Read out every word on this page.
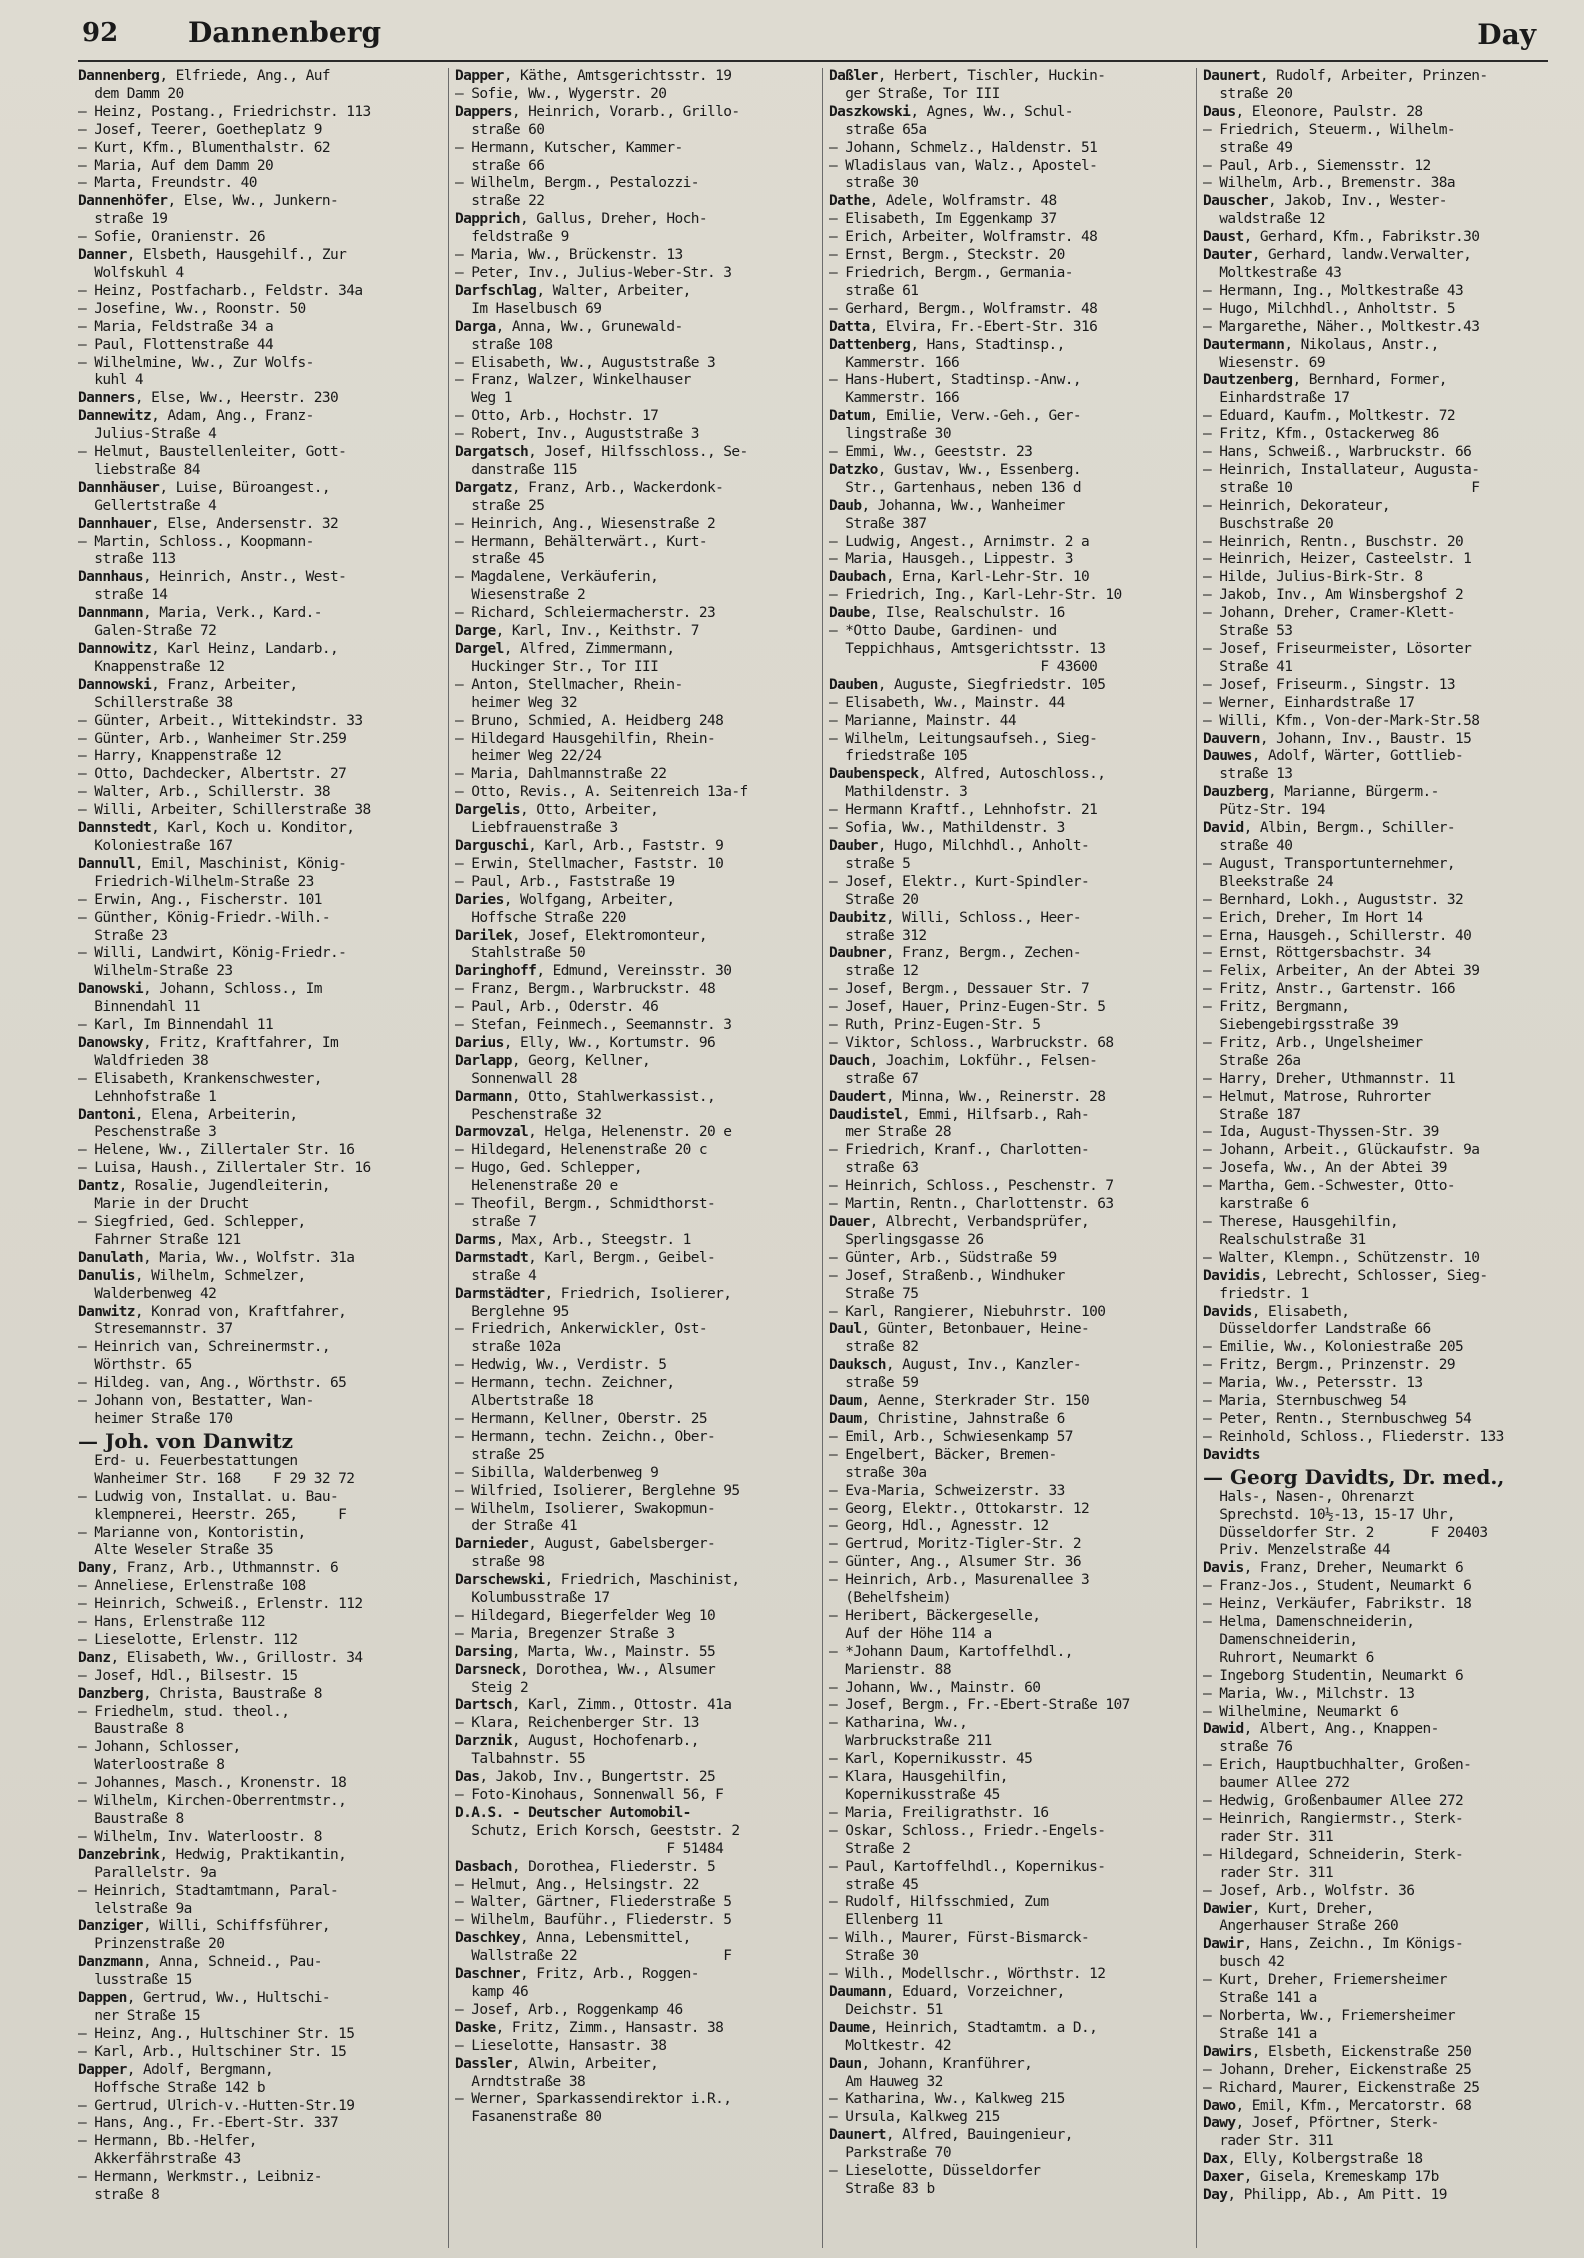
92 Dannenberg	Day
Dannenberg, Elfriede, Ang., Auf
dem Damm 20
— Heinz, Postang., Friedrichstr. 113
— Josef, Teerer, Goetheplatz 9
— Kurt, Kfm., Blumenthalstr. 62
— Maria, Auf dem Damm 20
— Marta, Freundstr. 40
Dannenhöfer, Else, Ww., Junkern-
straße 19
— Sofie, Oranienstr. 26
Danner, Elsbeth, Hausgehilf., Zur
Wolfskuhl 4
— Heinz, Postfacharb., Feldstr. 34a
— Josefine, Ww., Roonstr. 50
— Maria, Feldstraße 34 a
— Paul, Flottenstraße 44
— Wilhelmine, Ww., Zur Wolfs-
kuhl 4
Danners, Else, Ww., Heerstr. 230
Dannewitz, Adam, Ang., Franz-
Julius-Straße 4
— Helmut, Baustellenleiter, Gott-
liebstraße 84
Dannhäuser, Luise, Büroangest.,
Gellertstraße 4
Dannhauer, Else, Andersenstr. 32
— Martin, Schloss., Koopmann-
straße 113
Dannhaus, Heinrich, Anstr., West-
straße 14
Dannmann, Maria, Verk., Kard.-
Galen-Straße 72
Dannowitz, Karl Heinz, Landarb.,
Knappenstraße 12
Dannowski, Franz, Arbeiter,
Schillerstraße 38
— Günter, Arbeit., Wittekindstr. 33
— Günter, Arb., Wanheimer Str.259
— Harry, Knappenstraße 12
— Otto, Dachdecker, Albertstr. 27
— Walter, Arb., Schillerstr. 38
— Willi, Arbeiter, Schillerstraße 38
Dannstedt, Karl, Koch u. Konditor,
Koloniestraße 167
Dannull, Emil, Maschinist, König-
Friedrich-Wilhelm-Straße 23
— Erwin, Ang., Fischerstr. 101
— Günther, König-Friedr.-Wilh.-
Straße 23
— Willi, Landwirt, König-Friedr.-
Wilhelm-Straße 23
Danowski, Johann, Schloss., Im
Binnendahl 11
— Karl, Im Binnendahl 11
Danowsky, Fritz, Kraftfahrer, Im
Waldfrieden 38
— Elisabeth, Krankenschwester,
Lehnhofstraße 1
Dantoni, Elena, Arbeiterin,
Peschenstraße 3
— Helene, Ww., Zillertaler Str. 16
— Luisa, Haush., Zillertaler Str. 16
Dantz, Rosalie, Jugendleiterin,
Marie in der Drucht
— Siegfried, Ged. Schlepper,
Fahrner Straße 121
Danulath, Maria, Ww., Wolfstr. 31a
Danulis, Wilhelm, Schmelzer,
Walderbenweg 42
Danwitz, Konrad von, Kraftfahrer,
Stresemannstr. 37
— Heinrich van, Schreinermstr.,
Wörthstr. 65
— Hildeg. van, Ang., Wörthstr. 65
— Johann von, Bestatter, Wan-
heimer Straße 170
— Joh. von Danwitz
Erd- u. Feuerbestattungen
Wanheimer Str. 168    F 29 32 72
— Ludwig von, Installat. u. Bau-
klempnerei, Heerstr. 265,     F
— Marianne von, Kontoristin,
Alte Weseler Straße 35
Dany, Franz, Arb., Uthmannstr. 6
— Anneliese, Erlenstraße 108
— Heinrich, Schweiß., Erlenstr. 112
— Hans, Erlenstraße 112
— Lieselotte, Erlenstr. 112
Danz, Elisabeth, Ww., Grillostr. 34
— Josef, Hdl., Bilsestr. 15
Danzberg, Christa, Baustraße 8
— Friedhelm, stud. theol.,
Baustraße 8
— Johann, Schlosser,
Waterloostraße 8
— Johannes, Masch., Kronenstr. 18
— Wilhelm, Kirchen-Oberrentmstr.,
Baustraße 8
— Wilhelm, Inv. Waterloostr. 8
Danzebrink, Hedwig, Praktikantin,
Parallelstr. 9a
— Heinrich, Stadtamtmann, Paral-
lelstraße 9a
Danziger, Willi, Schiffsführer,
Prinzenstraße 20
Danzmann, Anna, Schneid., Pau-
lusstraße 15
Dappen, Gertrud, Ww., Hultschi-
ner Straße 15
— Heinz, Ang., Hultschiner Str. 15
— Karl, Arb., Hultschiner Str. 15
Dapper, Adolf, Bergmann,
Hoffsche Straße 142 b
— Gertrud, Ulrich-v.-Hutten-Str.19
— Hans, Ang., Fr.-Ebert-Str. 337
— Hermann, Bb.-Helfer,
Akkerfährstraße 43
— Hermann, Werkmstr., Leibniz-
straße 8
Dapper, Käthe, Amtsgerichtsstr. 19
— Sofie, Ww., Wygerstr. 20
Dappers, Heinrich, Vorarb., Grillo-
straße 60
— Hermann, Kutscher, Kammer-
straße 66
— Wilhelm, Bergm., Pestalozzi-
straße 22
Dapprich, Gallus, Dreher, Hoch-
feldstraße 9
— Maria, Ww., Brückenstr. 13
— Peter, Inv., Julius-Weber-Str. 3
Darfschlag, Walter, Arbeiter,
Im Haselbusch 69
Darga, Anna, Ww., Grunewald-
straße 108
— Elisabeth, Ww., Auguststraße 3
— Franz, Walzer, Winkelhauser
Weg 1
— Otto, Arb., Hochstr. 17
— Robert, Inv., Auguststraße 3
Dargatsch, Josef, Hilfsschloss., Se-
danstraße 115
Dargatz, Franz, Arb., Wackerdonk-
straße 25
— Heinrich, Ang., Wiesenstraße 2
— Hermann, Behälterwärt., Kurt-
straße 45
— Magdalene, Verkäuferin,
Wiesenstraße 2
— Richard, Schleiermacherstr. 23
Darge, Karl, Inv., Keithstr. 7
Dargel, Alfred, Zimmermann,
Huckinger Str., Tor III
— Anton, Stellmacher, Rhein-
heimer Weg 32
— Bruno, Schmied, A. Heidberg 248
— Hildegard Hausgehilfin, Rhein-
heimer Weg 22/24
— Maria, Dahlmannstraße 22
— Otto, Revis., A. Seitenreich 13a-f
Dargelis, Otto, Arbeiter,
Liebfrauenstraße 3
Darguschi, Karl, Arb., Faststr. 9
— Erwin, Stellmacher, Faststr. 10
— Paul, Arb., Faststraße 19
Daries, Wolfgang, Arbeiter,
Hoffsche Straße 220
Darilek, Josef, Elektromonteur,
Stahlstraße 50
Daringhoff, Edmund, Vereinsstr. 30
— Franz, Bergm., Warbruckstr. 48
— Paul, Arb., Oderstr. 46
— Stefan, Feinmech., Seemannstr. 3
Darius, Elly, Ww., Kortumstr. 96
Darlapp, Georg, Kellner,
Sonnenwall 28
Darmann, Otto, Stahlwerkassist.,
Peschenstraße 32
Darmovzal, Helga, Helenenstr. 20 e
— Hildegard, Helenenstraße 20 c
— Hugo, Ged. Schlepper,
Helenenstraße 20 e
— Theofil, Bergm., Schmidthorst-
straße 7
Darms, Max, Arb., Steegstr. 1
Darmstadt, Karl, Bergm., Geibel-
straße 4
Darmstädter, Friedrich, Isolierer,
Berglehne 95
— Friedrich, Ankerwickler, Ost-
straße 102a
— Hedwig, Ww., Verdistr. 5
— Hermann, techn. Zeichner,
Albertstraße 18
— Hermann, Kellner, Oberstr. 25
— Hermann, techn. Zeichn., Ober-
straße 25
— Sibilla, Walderbenweg 9
— Wilfried, Isolierer, Berglehne 95
— Wilhelm, Isolierer, Swakopmun-
der Straße 41
Darnieder, August, Gabelsberger-
straße 98
Darschewski, Friedrich, Maschinist,
Kolumbusstraße 17
— Hildegard, Biegerfelder Weg 10
— Maria, Bregenzer Straße 3
Darsing, Marta, Ww., Mainstr. 55
Darsneck, Dorothea, Ww., Alsumer
Steig 2
Dartsch, Karl, Zimm., Ottostr. 41a
— Klara, Reichenberger Str. 13
Darznik, August, Hochofenarb.,
Talbahnstr. 55
Das, Jakob, Inv., Bungertstr. 25
— Foto-Kinohaus, Sonnenwall 56, F
D.A.S. - Deutscher Automobil-
Schutz, Erich Korsch, Geeststr. 2
F 51484
Dasbach, Dorothea, Fliederstr. 5
— Helmut, Ang., Helsingstr. 22
— Walter, Gärtner, Fliederstraße 5
— Wilhelm, Bauführ., Fliederstr. 5
Daschkey, Anna, Lebensmittel,
Wallstraße 22                  F
Daschner, Fritz, Arb., Roggen-
kamp 46
— Josef, Arb., Roggenkamp 46
Daske, Fritz, Zimm., Hansastr. 38
— Lieselotte, Hansastr. 38
Dassler, Alwin, Arbeiter,
Arndtstraße 38
— Werner, Sparkassendirektor i.R.,
Fasanenstraße 80
Daßler, Herbert, Tischler, Huckin-
ger Straße, Tor III
Daszkowski, Agnes, Ww., Schul-
straße 65a
— Johann, Schmelz., Haldenstr. 51
— Wladislaus van, Walz., Apostel-
straße 30
Dathe, Adele, Wolframstr. 48
— Elisabeth, Im Eggenkamp 37
— Erich, Arbeiter, Wolframstr. 48
— Ernst, Bergm., Steckstr. 20
— Friedrich, Bergm., Germania-
straße 61
— Gerhard, Bergm., Wolframstr. 48
Datta, Elvira, Fr.-Ebert-Str. 316
Dattenberg, Hans, Stadtinsp.,
Kammerstr. 166
— Hans-Hubert, Stadtinsp.-Anw.,
Kammerstr. 166
Datum, Emilie, Verw.-Geh., Ger-
lingstraße 30
— Emmi, Ww., Geeststr. 23
Datzko, Gustav, Ww., Essenberg.
Str., Gartenhaus, neben 136 d
Daub, Johanna, Ww., Wanheimer
Straße 387
— Ludwig, Angest., Arnimstr. 2 a
— Maria, Hausgeh., Lippestr. 3
Daubach, Erna, Karl-Lehr-Str. 10
— Friedrich, Ing., Karl-Lehr-Str. 10
Daube, Ilse, Realschulstr. 16
— *Otto Daube, Gardinen- und
Teppichhaus, Amtsgerichtsstr. 13
F 43600
Dauben, Auguste, Siegfriedstr. 105
— Elisabeth, Ww., Mainstr. 44
— Marianne, Mainstr. 44
— Wilhelm, Leitungsaufseh., Sieg-
friedstraße 105
Daubenspeck, Alfred, Autoschloss.,
Mathildenstr. 3
— Hermann Kraftf., Lehnhofstr. 21
— Sofia, Ww., Mathildenstr. 3
Dauber, Hugo, Milchhdl., Anholt-
straße 5
— Josef, Elektr., Kurt-Spindler-
Straße 20
Daubitz, Willi, Schloss., Heer-
straße 312
Daubner, Franz, Bergm., Zechen-
straße 12
— Josef, Bergm., Dessauer Str. 7
— Josef, Hauer, Prinz-Eugen-Str. 5
— Ruth, Prinz-Eugen-Str. 5
— Viktor, Schloss., Warbruckstr. 68
Dauch, Joachim, Lokführ., Felsen-
straße 67
Daudert, Minna, Ww., Reinerstr. 28
Daudistel, Emmi, Hilfsarb., Rah-
mer Straße 28
— Friedrich, Kranf., Charlotten-
straße 63
— Heinrich, Schloss., Peschenstr. 7
— Martin, Rentn., Charlottenstr. 63
Dauer, Albrecht, Verbandsprüfer,
Sperlingsgasse 26
— Günter, Arb., Südstraße 59
— Josef, Straßenb., Windhuker
Straße 75
— Karl, Rangierer, Niebuhrstr. 100
Daul, Günter, Betonbauer, Heine-
straße 82
Dauksch, August, Inv., Kanzler-
straße 59
Daum, Aenne, Sterkrader Str. 150
Daum, Christine, Jahnstraße 6
— Emil, Arb., Schwiesenkamp 57
— Engelbert, Bäcker, Bremen-
straße 30a
— Eva-Maria, Schweizerstr. 33
— Georg, Elektr., Ottokarstr. 12
— Georg, Hdl., Agnesstr. 12
— Gertrud, Moritz-Tigler-Str. 2
— Günter, Ang., Alsumer Str. 36
— Heinrich, Arb., Masurenallee 3
(Behelfsheim)
— Heribert, Bäckergeselle,
Auf der Höhe 114 a
— *Johann Daum, Kartoffelhdl.,
Marienstr. 88
— Johann, Ww., Mainstr. 60
— Josef, Bergm., Fr.-Ebert-Straße 107
— Katharina, Ww.,
Warbruckstraße 211
— Karl, Kopernikusstr. 45
— Klara, Hausgehilfin,
Kopernikusstraße 45
— Maria, Freiligrathstr. 16
— Oskar, Schloss., Friedr.-Engels-
Straße 2
— Paul, Kartoffelhdl., Kopernikus-
straße 45
— Rudolf, Hilfsschmied, Zum
Ellenberg 11
— Wilh., Maurer, Fürst-Bismarck-
Straße 30
— Wilh., Modellschr., Wörthstr. 12
Daumann, Eduard, Vorzeichner,
Deichstr. 51
Daume, Heinrich, Stadtamtm. a D.,
Moltkestr. 42
Daun, Johann, Kranführer,
Am Hauweg 32
— Katharina, Ww., Kalkweg 215
— Ursula, Kalkweg 215
Daunert, Alfred, Bauingenieur,
Parkstraße 70
— Lieselotte, Düsseldorfer
Straße 83 b
Daunert, Rudolf, Arbeiter, Prinzen-
straße 20
Daus, Eleonore, Paulstr. 28
— Friedrich, Steuerm., Wilhelm-
straße 49
— Paul, Arb., Siemensstr. 12
— Wilhelm, Arb., Bremenstr. 38a
Dauscher, Jakob, Inv., Wester-
waldstraße 12
Daust, Gerhard, Kfm., Fabrikstr.30
Dauter, Gerhard, landw.Verwalter,
Moltkestraße 43
— Hermann, Ing., Moltkestraße 43
— Hugo, Milchhdl., Anholtstr. 5
— Margarethe, Näher., Moltkestr.43
Dautermann, Nikolaus, Anstr.,
Wiesenstr. 69
Dautzenberg, Bernhard, Former,
Einhardstraße 17
— Eduard, Kaufm., Moltkestr. 72
— Fritz, Kfm., Ostackerweg 86
— Hans, Schweiß., Warbruckstr. 66
— Heinrich, Installateur, Augusta-
straße 10                      F
— Heinrich, Dekorateur,
Buschstraße 20
— Heinrich, Rentn., Buschstr. 20
— Heinrich, Heizer, Casteelstr. 1
— Hilde, Julius-Birk-Str. 8
— Jakob, Inv., Am Winsbergshof 2
— Johann, Dreher, Cramer-Klett-
Straße 53
— Josef, Friseurmeister, Lösorter
Straße 41
— Josef, Friseurm., Singstr. 13
— Werner, Einhardstraße 17
— Willi, Kfm., Von-der-Mark-Str.58
Dauvern, Johann, Inv., Baustr. 15
Dauwes, Adolf, Wärter, Gottlieb-
straße 13
Dauzberg, Marianne, Bürgerm.-
Pütz-Str. 194
David, Albin, Bergm., Schiller-
straße 40
— August, Transportunternehmer,
Bleekstraße 24
— Bernhard, Lokh., Auguststr. 32
— Erich, Dreher, Im Hort 14
— Erna, Hausgeh., Schillerstr. 40
— Ernst, Röttgersbachstr. 34
— Felix, Arbeiter, An der Abtei 39
— Fritz, Anstr., Gartenstr. 166
— Fritz, Bergmann,
Siebengebirgsstraße 39
— Fritz, Arb., Ungelsheimer
Straße 26a
— Harry, Dreher, Uthmannstr. 11
— Helmut, Matrose, Ruhrorter
Straße 187
— Ida, August-Thyssen-Str. 39
— Johann, Arbeit., Glückaufstr. 9a
— Josefa, Ww., An der Abtei 39
— Martha, Gem.-Schwester, Otto-
karstraße 6
— Therese, Hausgehilfin,
Realschulstraße 31
— Walter, Klempn., Schützenstr. 10
Davidis, Lebrecht, Schlosser, Sieg-
friedstr. 1
Davids, Elisabeth,
Düsseldorfer Landstraße 66
— Emilie, Ww., Koloniestraße 205
— Fritz, Bergm., Prinzenstr. 29
— Maria, Ww., Petersstr. 13
— Maria, Sternbuschweg 54
— Peter, Rentn., Sternbuschweg 54
— Reinhold, Schloss., Fliederstr. 133
Davidts
— Georg Davidts, Dr. med.,
Hals-, Nasen-, Ohrenarzt
Sprechstd. 10½-13, 15-17 Uhr,
Düsseldorfer Str. 2       F 20403
Priv. Menzelstraße 44
Davis, Franz, Dreher, Neumarkt 6
— Franz-Jos., Student, Neumarkt 6
— Heinz, Verkäufer, Fabrikstr. 18
— Helma, Damenschneiderin,
Damenschneiderin,
Ruhrort, Neumarkt 6
— Ingeborg Studentin, Neumarkt 6
— Maria, Ww., Milchstr. 13
— Wilhelmine, Neumarkt 6
Dawid, Albert, Ang., Knappen-
straße 76
— Erich, Hauptbuchhalter, Großen-
baumer Allee 272
— Hedwig, Großenbaumer Allee 272
— Heinrich, Rangiermstr., Sterk-
rader Str. 311
— Hildegard, Schneiderin, Sterk-
rader Str. 311
— Josef, Arb., Wolfstr. 36
Dawier, Kurt, Dreher,
Angerhauser Straße 260
Dawir, Hans, Zeichn., Im Königs-
busch 42
— Kurt, Dreher, Friemersheimer
Straße 141 a
— Norberta, Ww., Friemersheimer
Straße 141 a
Dawirs, Elsbeth, Eickenstraße 250
— Johann, Dreher, Eickenstraße 25
— Richard, Maurer, Eickenstraße 25
Dawo, Emil, Kfm., Mercatorstr. 68
Dawy, Josef, Pförtner, Sterk-
rader Str. 311
Dax, Elly, Kolbergstraße 18
Daxer, Gisela, Kremeskamp 17b
Day, Philipp, Ab., Am Pitt. 19
